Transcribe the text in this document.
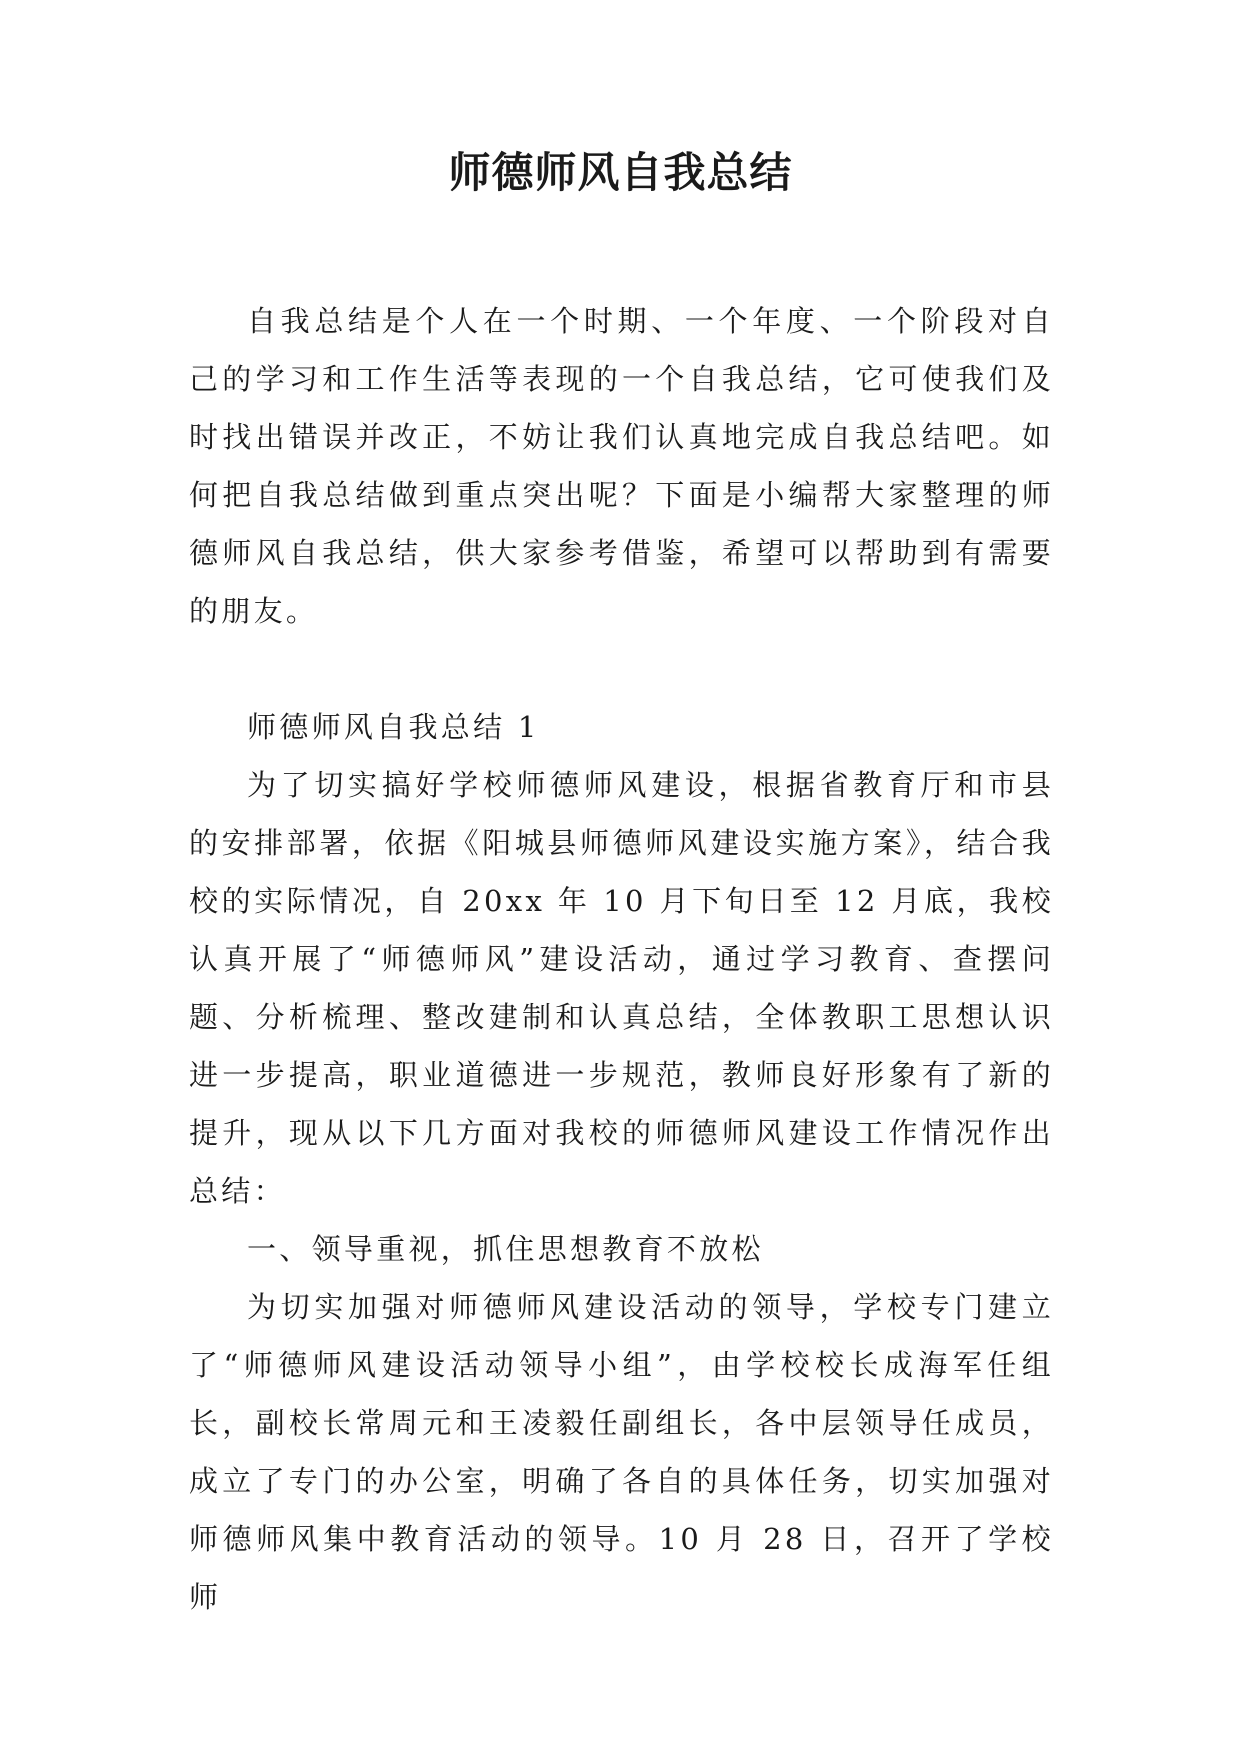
师德师风自我总结

自我总结是个人在一个时期、一个年度、一个阶段对自己的学习和工作生活等表现的一个自我总结，它可使我们及时找出错误并改正，不妨让我们认真地完成自我总结吧。如何把自我总结做到重点突出呢？下面是小编帮大家整理的师德师风自我总结，供大家参考借鉴，希望可以帮助到有需要的朋友。

师德师风自我总结 1

为了切实搞好学校师德师风建设，根据省教育厅和市县的安排部署，依据《阳城县师德师风建设实施方案》，结合我校的实际情况，自 20xx 年 10 月下旬日至 12 月底，我校认真开展了“师德师风”建设活动，通过学习教育、查摆问题、分析梳理、整改建制和认真总结，全体教职工思想认识进一步提高，职业道德进一步规范，教师良好形象有了新的提升，现从以下几方面对我校的师德师风建设工作情况作出总结：

一、领导重视，抓住思想教育不放松

为切实加强对师德师风建设活动的领导，学校专门建立了“师德师风建设活动领导小组”，由学校校长成海军任组长，副校长常周元和王凌毅任副组长，各中层领导任成员，成立了专门的办公室，明确了各自的具体任务，切实加强对师德师风集中教育活动的领导。10 月 28 日，召开了学校师
